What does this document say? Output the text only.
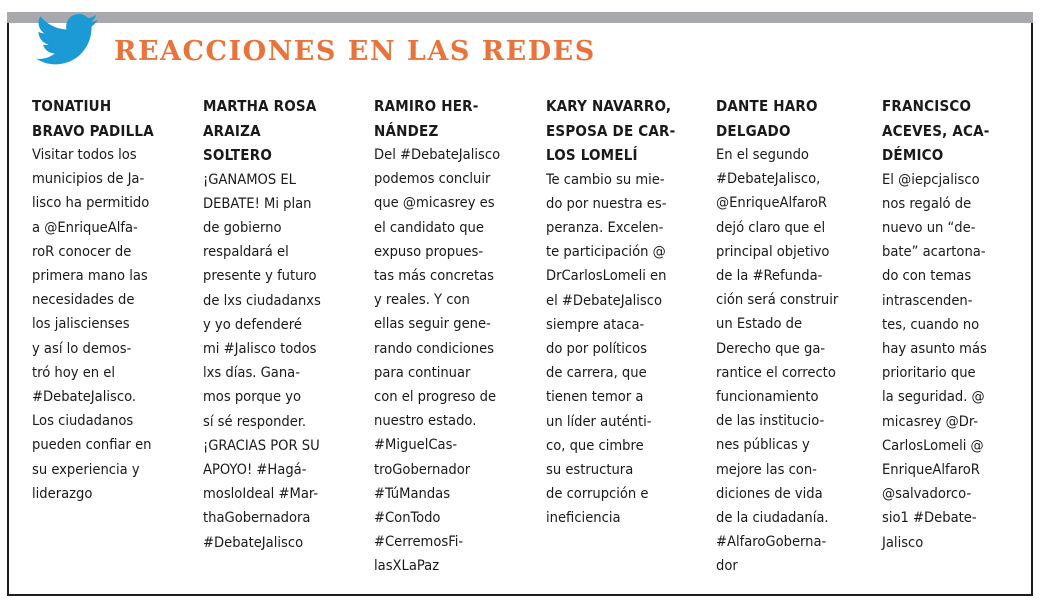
REACCIONES EN LAS REDES
TONATIUH
BRAVO PADILLA
Visitar todos los
municipios de Ja-
lisco ha permitido
a @EnriqueAlfa-
roR conocer de
primera mano las
necesidades de
los jaliscienses
y así lo demos-
tró hoy en el
#DebateJalisco.
Los ciudadanos
pueden confiar en
su experiencia y
liderazgo
MARTHA ROSA
ARAIZA
SOLTERO
¡GANAMOS EL
DEBATE! Mi plan
de gobierno
respaldará el
presente y futuro
de lxs ciudadanxs
y yo defenderé
mi #Jalisco todos
lxs días. Gana-
mos porque yo
sí sé responder.
¡GRACIAS POR SU
APOYO! #Hagá-
mosloIdeal #Mar-
thaGobernadora
#DebateJalisco
RAMIRO HER-
NÁNDEZ
Del #DebateJalisco
podemos concluir
que @micasrey es
el candidato que
expuso propues-
tas más concretas
y reales. Y con
ellas seguir gene-
rando condiciones
para continuar
con el progreso de
nuestro estado.
#MiguelCas-
troGobernador
#TúMandas
#ConTodo
#CerremosFi-
lasXLaPaz
KARY NAVARRO,
ESPOSA DE CAR-
LOS LOMELÍ
Te cambio su mie-
do por nuestra es-
peranza. Excelen-
te participación @
DrCarlosLomeli en
el #DebateJalisco
siempre ataca-
do por políticos
de carrera, que
tienen temor a
un líder auténti-
co, que cimbre
su estructura
de corrupción e
ineficiencia
DANTE HARO
DELGADO
En el segundo
#DebateJalisco,
@EnriqueAlfaroR
dejó claro que el
principal objetivo
de la #Refunda-
ción será construir
un Estado de
Derecho que ga-
rantice el correcto
funcionamiento
de las institucio-
nes públicas y
mejore las con-
diciones de vida
de la ciudadanía.
#AlfaroGoberna-
dor
FRANCISCO
ACEVES, ACA-
DÉMICO
El @iepcjalisco
nos regaló de
nuevo un “de-
bate” acartona-
do con temas
intrascenden-
tes, cuando no
hay asunto más
prioritario que
la seguridad. @
micasrey @Dr-
CarlosLomeli @
EnriqueAlfaroR
@salvadorco-
sio1 #Debate-
Jalisco
